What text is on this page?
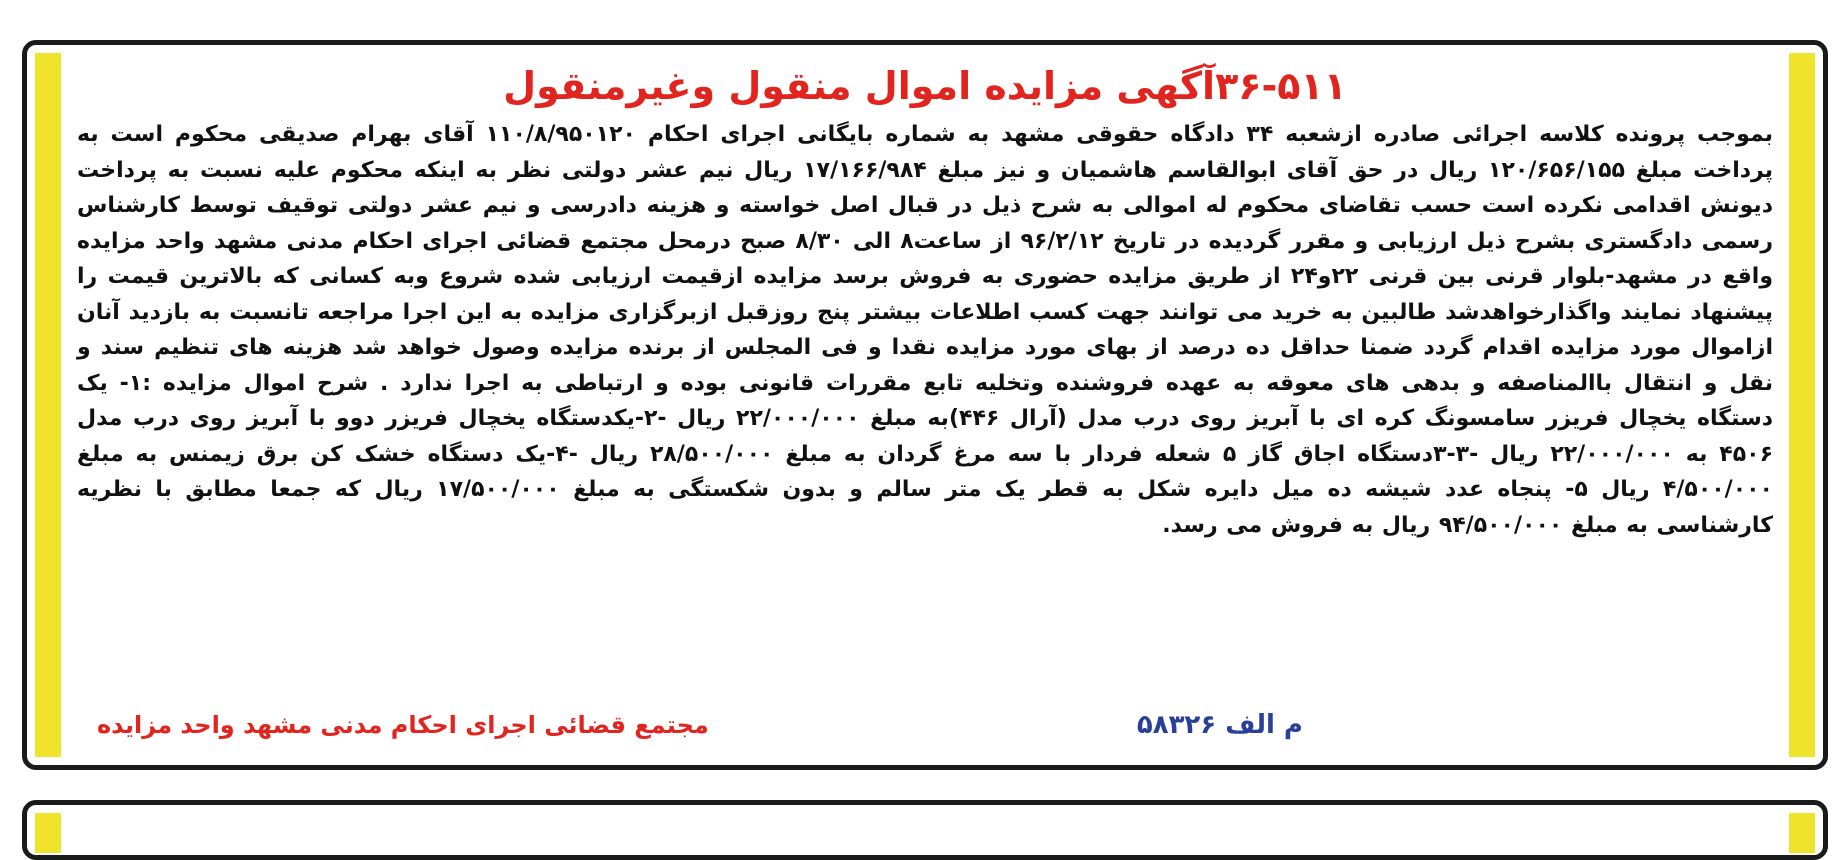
۳۶-۵۱۱آگهی مزایده اموال منقول وغیرمنقول

بموجب پرونده کلاسه اجرائی صادره ازشعبه ۳۴ دادگاه حقوقی مشهد به شماره بایگانی اجرای احکام ۱۱۰/۸/۹۵۰۱۲۰ آقای بهرام صدیقی محکوم است به پرداخت مبلغ ۱۲۰/۶۵۶/۱۵۵ ریال در حق آقای ابوالقاسم هاشمیان و نیز مبلغ ۱۷/۱۶۶/۹۸۴ ریال نیم عشر دولتی نظر به اینکه محکوم علیه نسبت به پرداخت دیونش اقدامی نکرده است حسب تقاضای محکوم له اموالی به شرح ذیل در قبال اصل خواسته و هزینه دادرسی و نیم عشر دولتی توقیف توسط کارشناس رسمی دادگستری بشرح ذیل ارزیابی و مقرر گردیده در تاریخ ۹۶/۲/۱۲ از ساعت۸ الی ۸/۳۰ صبح درمحل مجتمع قضائی اجرای احکام مدنی مشهد واحد مزایده واقع در مشهد-بلوار قرنی بین قرنی ۲۲و۲۴ از طریق مزایده حضوری به فروش برسد مزایده ازقیمت ارزیابی شده شروع وبه کسانی که بالاترین قیمت را پیشنهاد نمایند واگذارخواهدشد طالبین به خرید می توانند جهت کسب اطلاعات بیشتر پنج روزقبل ازبرگزاری مزایده به این اجرا مراجعه تانسبت به بازدید آنان ازاموال مورد مزایده اقدام گردد ضمنا حداقل ده درصد از بهای مورد مزایده نقدا و فی المجلس از برنده مزایده وصول خواهد شد هزینه های تنظیم سند و نقل و انتقال باالمناصفه و بدهی های معوقه به عهده فروشنده وتخلیه تابع مقررات قانونی بوده و ارتباطی به اجرا ندارد . شرح اموال مزایده :۱- یک دستگاه یخچال فریزر سامسونگ کره ای با آبریز روی درب مدل (آرال ۴۴۶)به مبلغ ۲۲/۰۰۰/۰۰۰ ریال -۲-یکدستگاه یخچال فریزر دوو با آبریز روی درب مدل ۴۵۰۶ به ۲۲/۰۰۰/۰۰۰ ریال -۳-۳دستگاه اجاق گاز ۵ شعله فردار با سه مرغ گردان به مبلغ ۲۸/۵۰۰/۰۰۰ ریال -۴-یک دستگاه خشک کن برق زیمنس به مبلغ ۴/۵۰۰/۰۰۰ ریال ۵- پنجاه عدد شیشه ده میل دایره شکل به قطر یک متر سالم و بدون شکستگی به مبلغ ۱۷/۵۰۰/۰۰۰ ریال که جمعا مطابق با نظریه کارشناسی به مبلغ ۹۴/۵۰۰/۰۰۰ ریال به فروش می رسد.

م الف ۵۸۳۲۶
مجتمع قضائی اجرای احکام مدنی مشهد واحد مزایده
